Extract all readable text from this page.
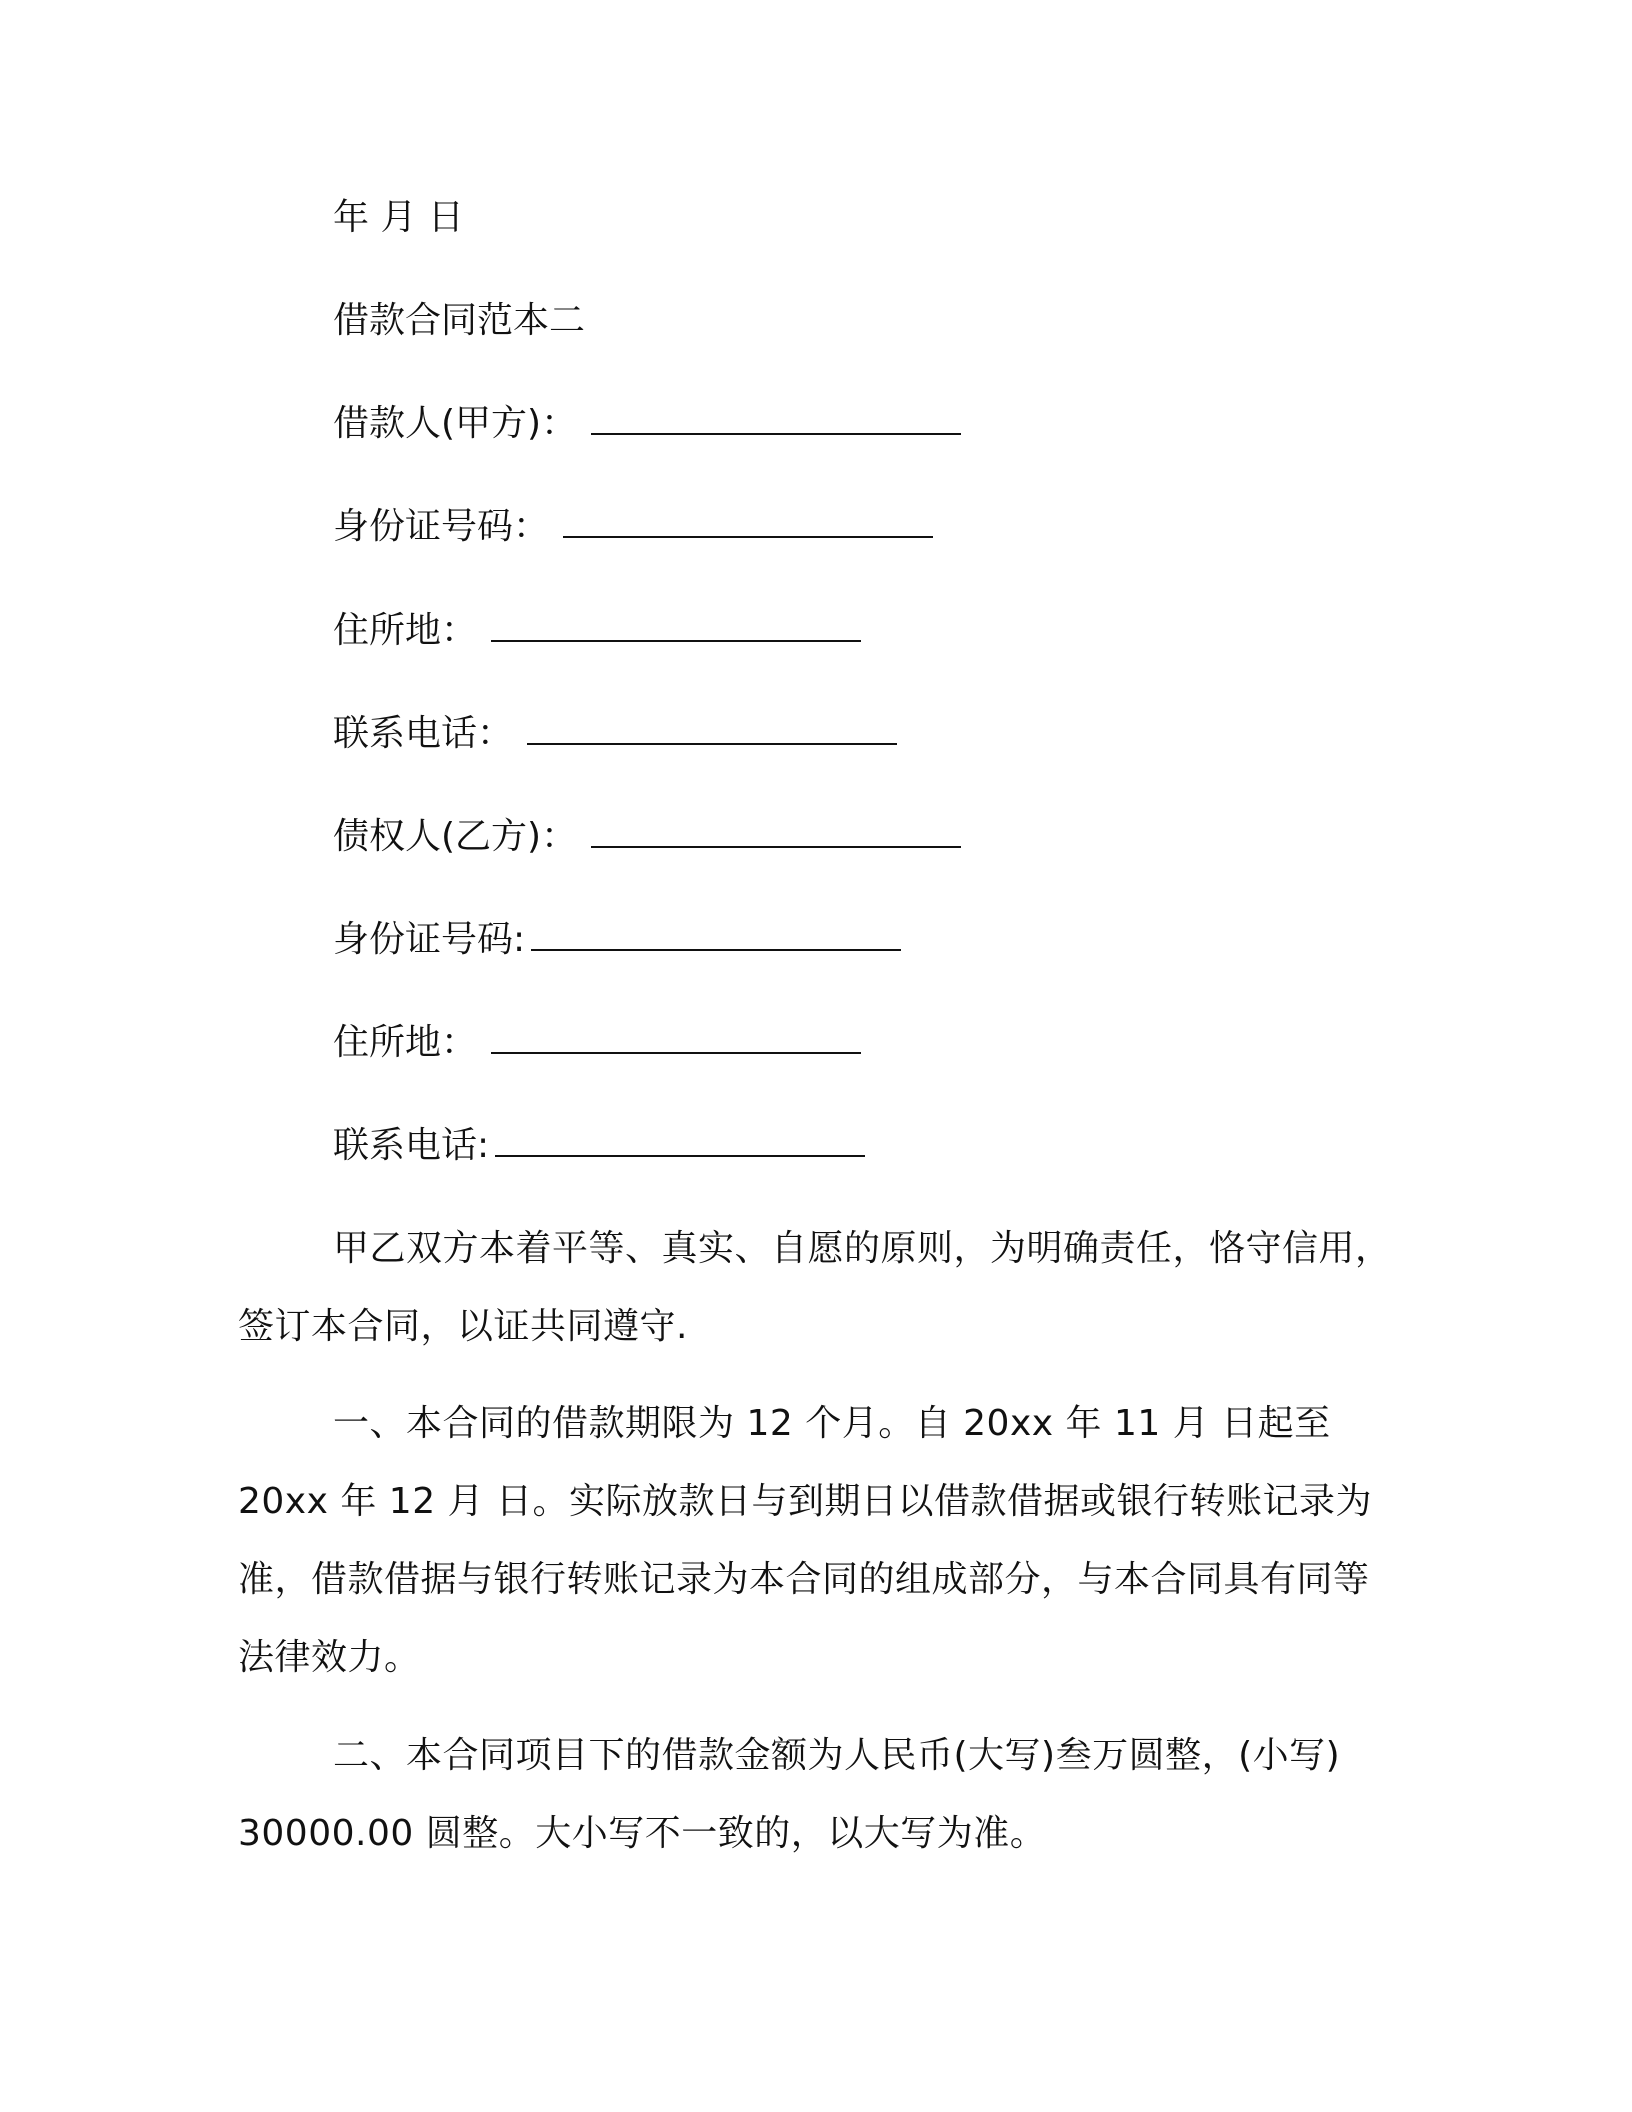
年 月 日

借款合同范本二

借款人(甲方)：

身份证号码：

住所地：

联系电话：

债权人(乙方)：

身份证号码:

住所地：

联系电话:

甲乙双方本着平等、真实、自愿的原则，为明确责任，恪守信用，签订本合同，以证共同遵守.

一、本合同的借款期限为 12 个月。自 20xx 年 11 月 日起至 20xx 年 12 月 日。实际放款日与到期日以借款借据或银行转账记录为准，借款借据与银行转账记录为本合同的组成部分，与本合同具有同等法律效力。

二、本合同项目下的借款金额为人民币(大写)叁万圆整，(小写) 30000.00 圆整。大小写不一致的，以大写为准。
